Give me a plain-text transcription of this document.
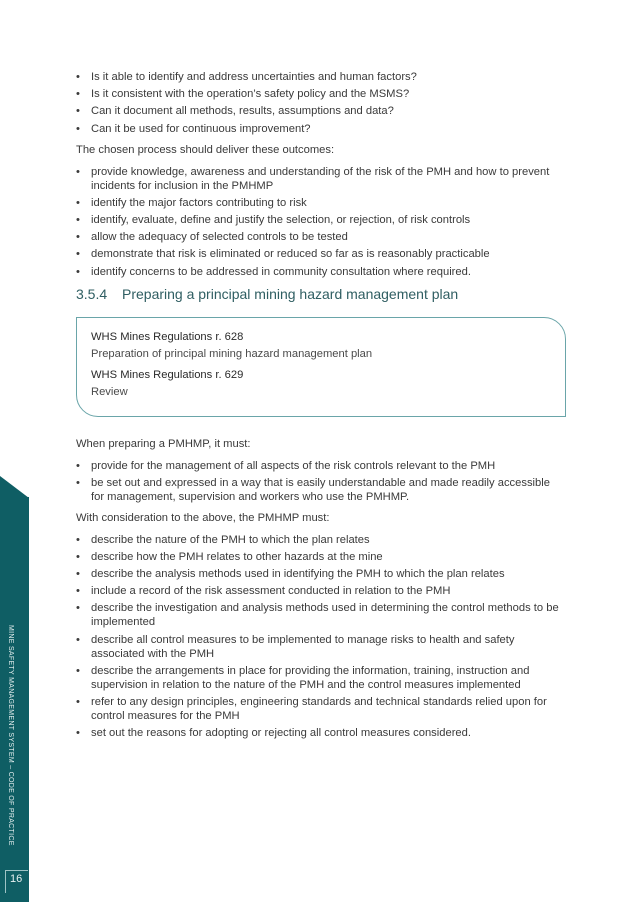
MINE SAFETY MANAGEMENT SYSTEM – CODE OF PRACTICE
16
• Is it able to identify and address uncertainties and human factors?
• Is it consistent with the operation’s safety policy and the MSMS?
• Can it document all methods, results, assumptions and data?
• Can it be used for continuous improvement?

The chosen process should deliver these outcomes:

• provide knowledge, awareness and understanding of the risk of the PMH and how to prevent incidents for inclusion in the PMHMP
• identify the major factors contributing to risk
• identify, evaluate, define and justify the selection, or rejection, of risk controls
• allow the adequacy of selected controls to be tested
• demonstrate that risk is eliminated or reduced so far as is reasonably practicable
• identify concerns to be addressed in community consultation where required.
3.5.4 Preparing a principal mining hazard management plan

WHS Mines Regulations r. 628

Preparation of principal mining hazard management plan

WHS Mines Regulations r. 629

Review

When preparing a PMHMP, it must:

• provide for the management of all aspects of the risk controls relevant to the PMH
• be set out and expressed in a way that is easily understandable and made readily accessible for management, supervision and workers who use the PMHMP.

With consideration to the above, the PMHMP must:

• describe the nature of the PMH to which the plan relates
• describe how the PMH relates to other hazards at the mine
• describe the analysis methods used in identifying the PMH to which the plan relates
• include a record of the risk assessment conducted in relation to the PMH
• describe the investigation and analysis methods used in determining the control methods to be implemented
• describe all control measures to be implemented to manage risks to health and safety associated with the PMH
• describe the arrangements in place for providing the information, training, instruction and supervision in relation to the nature of the PMH and the control measures implemented
• refer to any design principles, engineering standards and technical standards relied upon for control measures for the PMH
• set out the reasons for adopting or rejecting all control measures considered.
